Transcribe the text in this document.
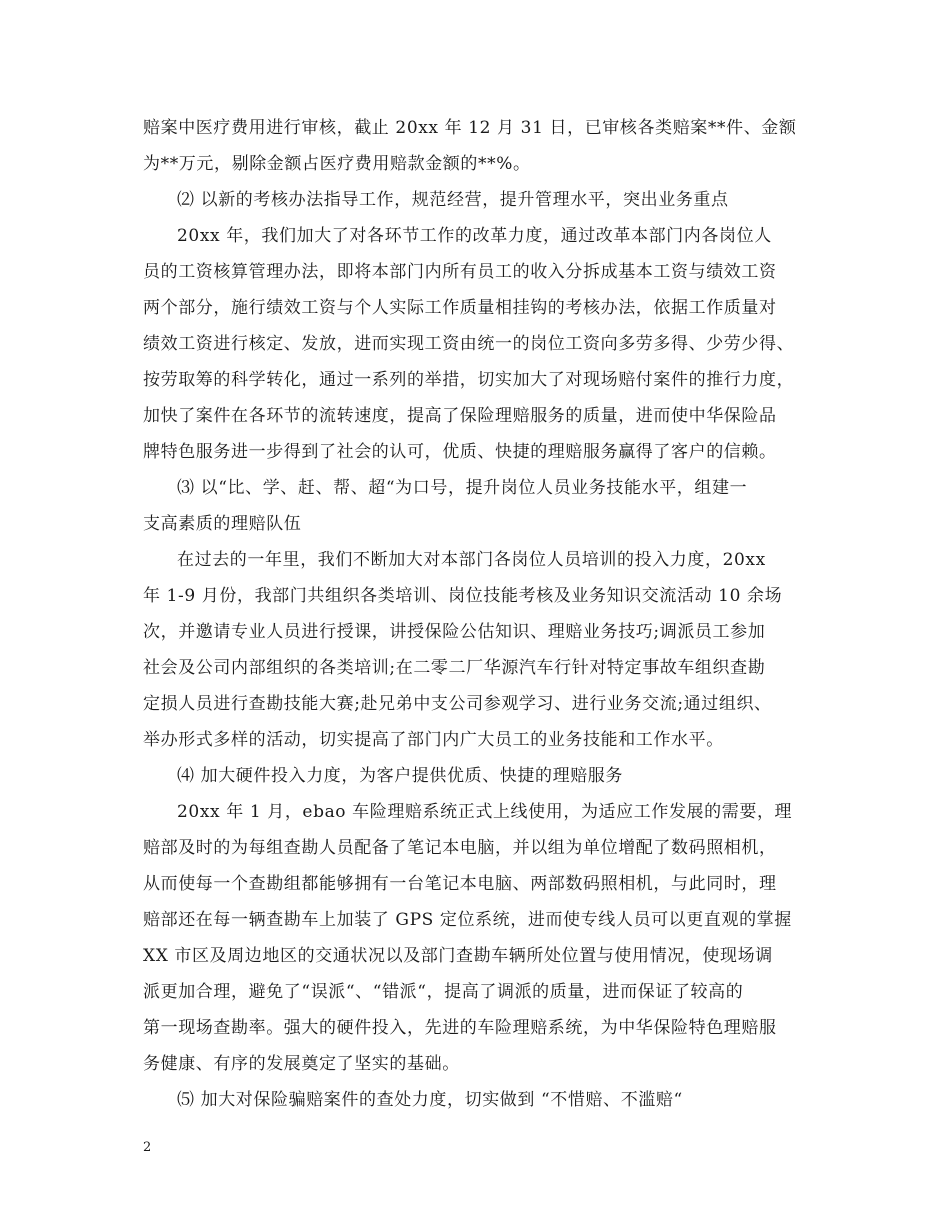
赔案中医疗费用进行审核，截止 20xx 年 12 月 31 日，已审核各类赔案**件、金额
为**万元，剔除金额占医疗费用赔款金额的**%。
⑵ 以新的考核办法指导工作，规范经营，提升管理水平，突出业务重点
20xx 年，我们加大了对各环节工作的改革力度，通过改革本部门内各岗位人
员的工资核算管理办法，即将本部门内所有员工的收入分拆成基本工资与绩效工资
两个部分，施行绩效工资与个人实际工作质量相挂钩的考核办法，依据工作质量对
绩效工资进行核定、发放，进而实现工资由统一的岗位工资向多劳多得、少劳少得、
按劳取筹的科学转化，通过一系列的举措，切实加大了对现场赔付案件的推行力度，
加快了案件在各环节的流转速度，提高了保险理赔服务的质量，进而使中华保险品
牌特色服务进一步得到了社会的认可，优质、快捷的理赔服务赢得了客户的信赖。
⑶ 以“比、学、赶、帮、超“为口号，提升岗位人员业务技能水平，组建一
支高素质的理赔队伍
在过去的一年里，我们不断加大对本部门各岗位人员培训的投入力度，20xx
年 1-9 月份，我部门共组织各类培训、岗位技能考核及业务知识交流活动 10 余场
次，并邀请专业人员进行授课，讲授保险公估知识、理赔业务技巧;调派员工参加
社会及公司内部组织的各类培训;在二零二厂华源汽车行针对特定事故车组织查勘
定损人员进行查勘技能大赛;赴兄弟中支公司参观学习、进行业务交流;通过组织、
举办形式多样的活动，切实提高了部门内广大员工的业务技能和工作水平。
⑷ 加大硬件投入力度，为客户提供优质、快捷的理赔服务
20xx 年 1 月，ebao 车险理赔系统正式上线使用，为适应工作发展的需要，理
赔部及时的为每组查勘人员配备了笔记本电脑，并以组为单位增配了数码照相机，
从而使每一个查勘组都能够拥有一台笔记本电脑、两部数码照相机，与此同时，理
赔部还在每一辆查勘车上加装了 GPS 定位系统，进而使专线人员可以更直观的掌握
XX 市区及周边地区的交通状况以及部门查勘车辆所处位置与使用情况，使现场调
派更加合理，避免了“误派“、“错派“，提高了调派的质量，进而保证了较高的
第一现场查勘率。强大的硬件投入，先进的车险理赔系统，为中华保险特色理赔服
务健康、有序的发展奠定了坚实的基础。
⑸ 加大对保险骗赔案件的查处力度，切实做到 “不惜赔、不滥赔“
2
